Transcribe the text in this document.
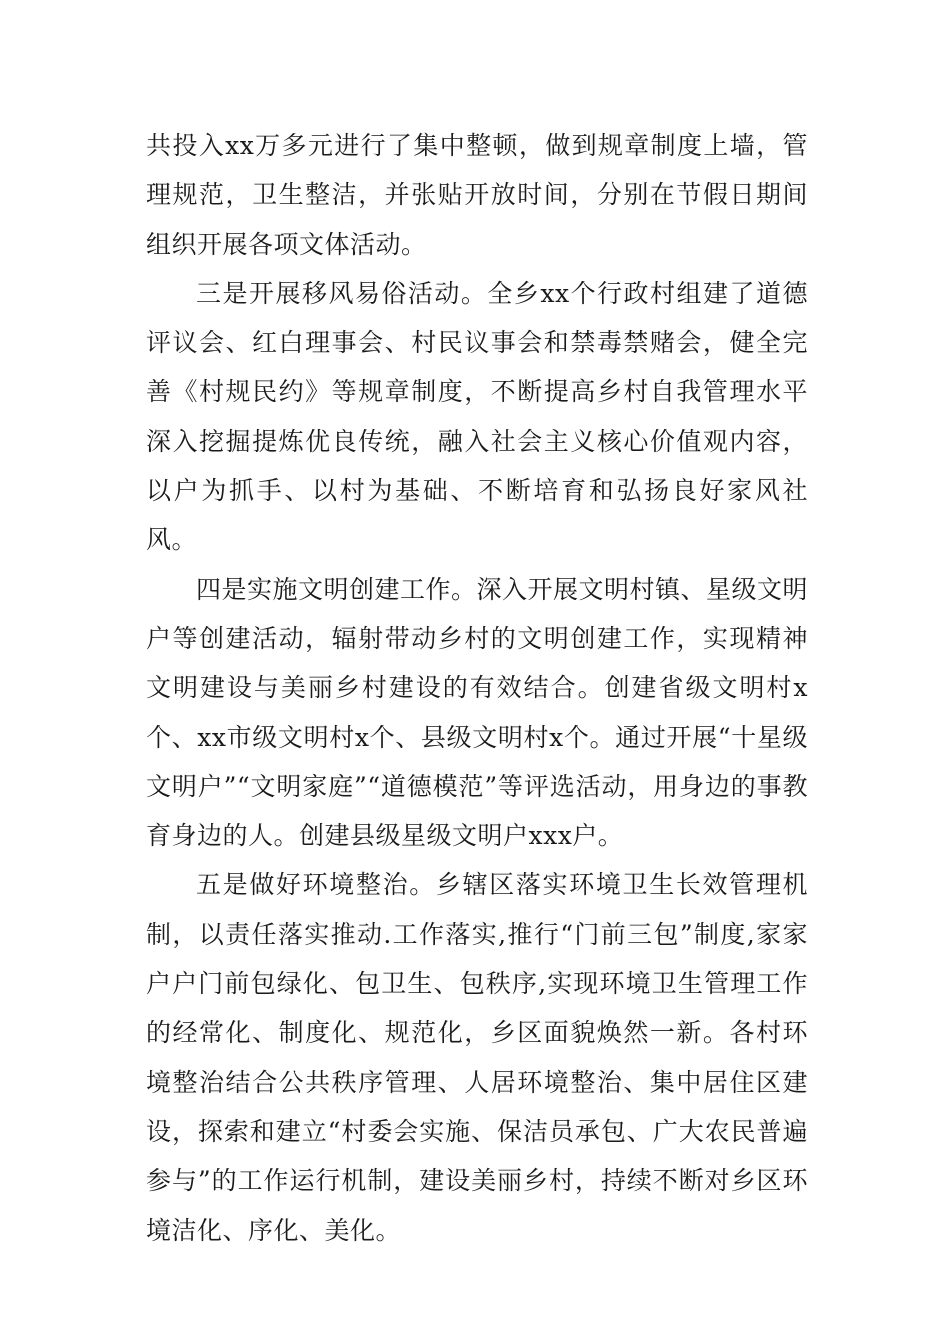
共投入xx万多元进行了集中整顿，做到规章制度上墙，管理规范，卫生整洁，并张贴开放时间，分别在节假日期间组织开展各项文体活动。

三是开展移风易俗活动。全乡xx个行政村组建了道德评议会、红白理事会、村民议事会和禁毒禁赌会，健全完善《村规民约》等规章制度，不断提高乡村自我管理水平深入挖掘提炼优良传统，融入社会主义核心价值观内容，以户为抓手、以村为基础、不断培育和弘扬良好家风社风。

四是实施文明创建工作。深入开展文明村镇、星级文明户等创建活动，辐射带动乡村的文明创建工作，实现精神文明建设与美丽乡村建设的有效结合。创建省级文明村x个、xx市级文明村x个、县级文明村x个。通过开展“十星级文明户”“文明家庭”“道德模范”等评选活动，用身边的事教育身边的人。创建县级星级文明户xxx户。

五是做好环境整治。乡辖区落实环境卫生长效管理机制，以责任落实推动.工作落实,推行“门前三包”制度,家家户户门前包绿化、包卫生、包秩序,实现环境卫生管理工作的经常化、制度化、规范化，乡区面貌焕然一新。各村环境整治结合公共秩序管理、人居环境整治、集中居住区建设，探索和建立“村委会实施、保洁员承包、广大农民普遍参与”的工作运行机制，建设美丽乡村，持续不断对乡区环境洁化、序化、美化。
